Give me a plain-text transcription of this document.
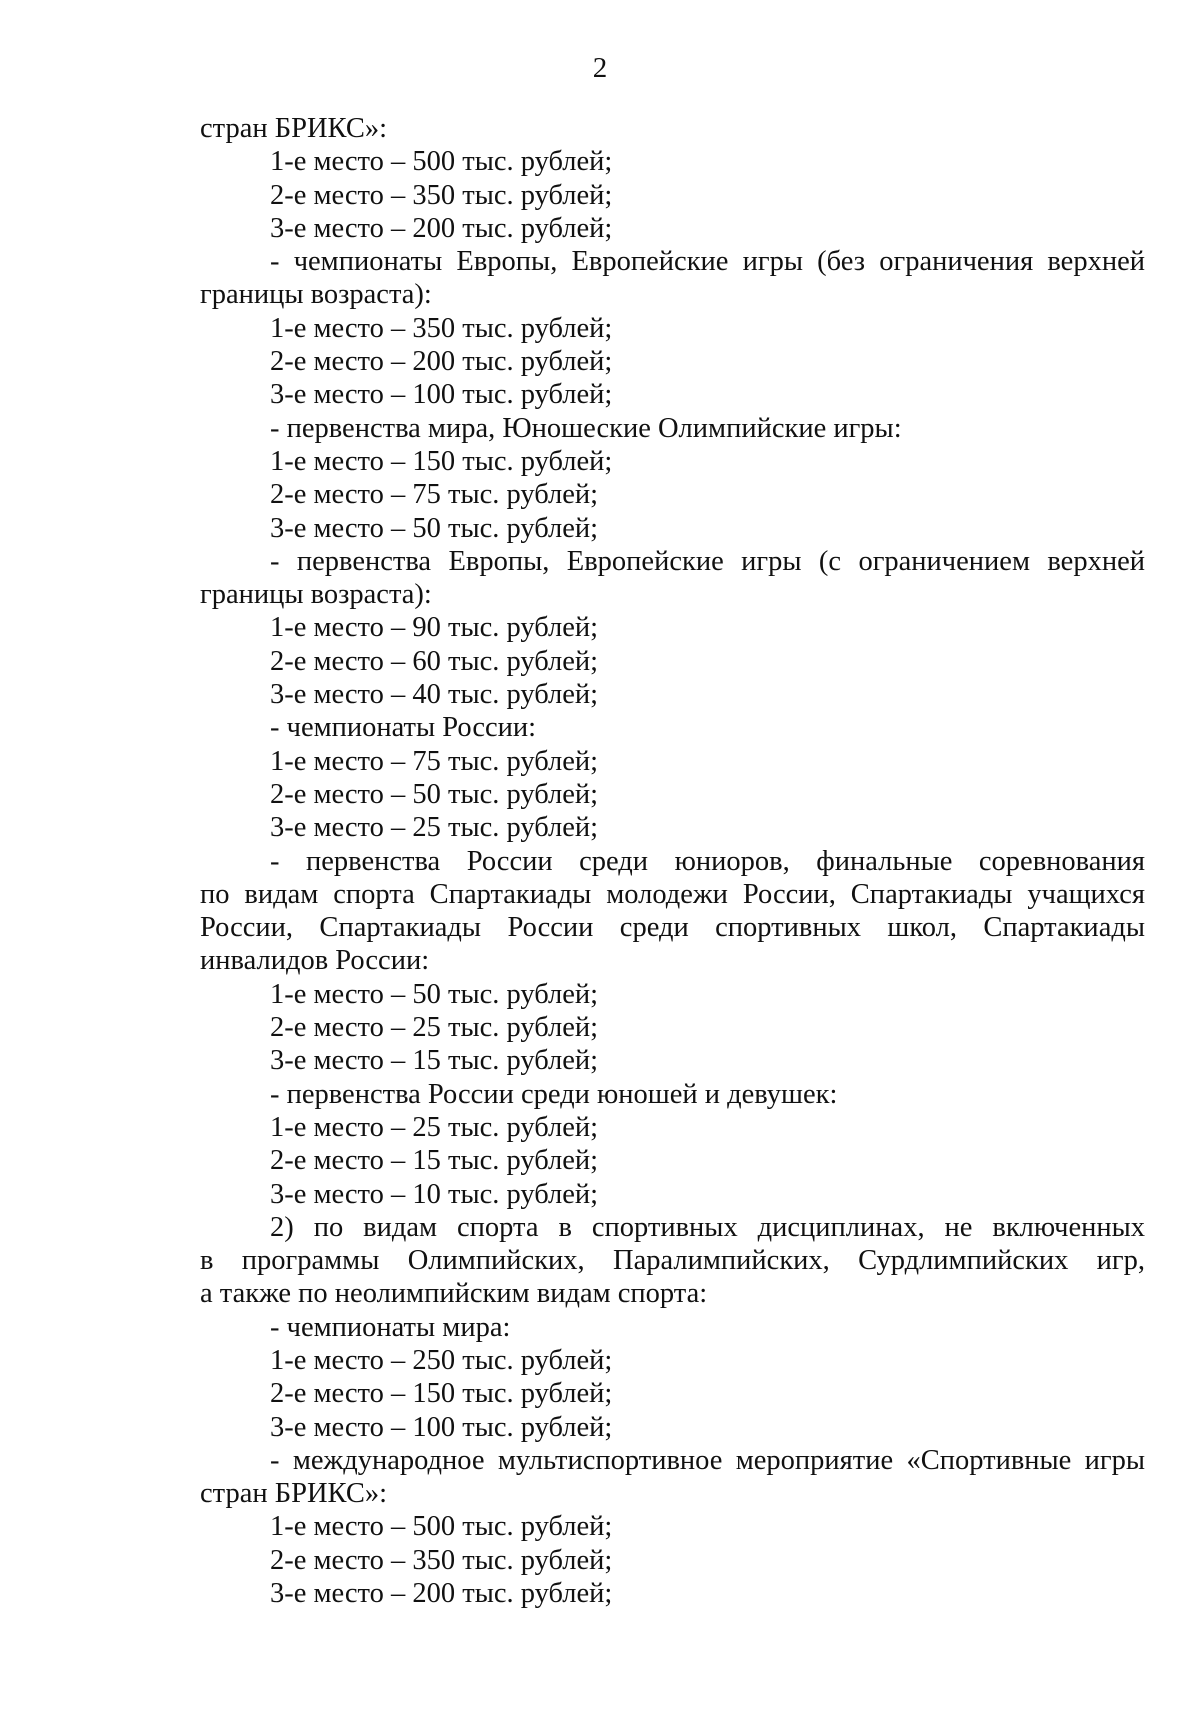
2
стран БРИКС»:
1-е место – 500 тыс. рублей;
2-е место – 350 тыс. рублей;
3-е место – 200 тыс. рублей;
- чемпионаты Европы, Европейские игры (без ограничения верхней
границы возраста):
1-е место – 350 тыс. рублей;
2-е место – 200 тыс. рублей;
3-е место – 100 тыс. рублей;
- первенства мира, Юношеские Олимпийские игры:
1-е место – 150 тыс. рублей;
2-е место – 75 тыс. рублей;
3-е место – 50 тыс. рублей;
- первенства Европы, Европейские игры (с ограничением верхней
границы возраста):
1-е место – 90 тыс. рублей;
2-е место – 60 тыс. рублей;
3-е место – 40 тыс. рублей;
- чемпионаты России:
1-е место – 75 тыс. рублей;
2-е место – 50 тыс. рублей;
3-е место – 25 тыс. рублей;
- первенства России среди юниоров, финальные соревнования
по видам спорта Спартакиады молодежи России, Спартакиады учащихся
России, Спартакиады России среди спортивных школ, Спартакиады
инвалидов России:
1-е место – 50 тыс. рублей;
2-е место – 25 тыс. рублей;
3-е место – 15 тыс. рублей;
- первенства России среди юношей и девушек:
1-е место – 25 тыс. рублей;
2-е место – 15 тыс. рублей;
3-е место – 10 тыс. рублей;
2) по видам спорта в спортивных дисциплинах, не включенных
в программы Олимпийских, Паралимпийских, Сурдлимпийских игр,
а также по неолимпийским видам спорта:
- чемпионаты мира:
1-е место – 250 тыс. рублей;
2-е место – 150 тыс. рублей;
3-е место – 100 тыс. рублей;
- международное мультиспортивное мероприятие «Спортивные игры
стран БРИКС»:
1-е место – 500 тыс. рублей;
2-е место – 350 тыс. рублей;
3-е место – 200 тыс. рублей;
